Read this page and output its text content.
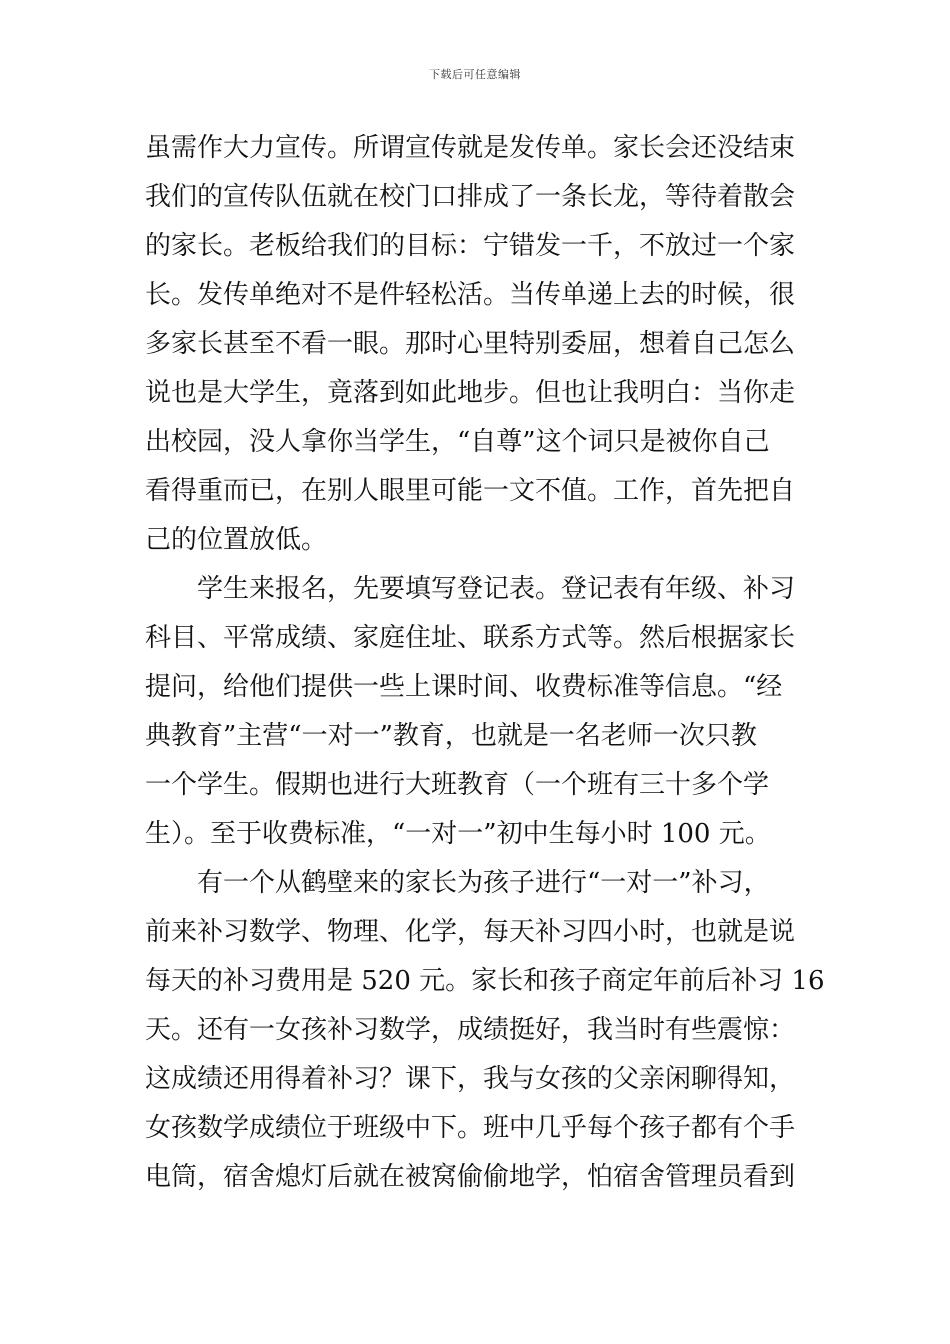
下载后可任意编辑
虽需作大力宣传。所谓宣传就是发传单。家长会还没结束
我们的宣传队伍就在校门口排成了一条长龙，等待着散会
的家长。老板给我们的目标：宁错发一千，不放过一个家
长。发传单绝对不是件轻松活。当传单递上去的时候，很
多家长甚至不看一眼。那时心里特别委屈，想着自己怎么
说也是大学生，竟落到如此地步。但也让我明白：当你走
出校园，没人拿你当学生，“自尊”这个词只是被你自己
看得重而已，在别人眼里可能一文不值。工作，首先把自
己的位置放低。
　　学生来报名，先要填写登记表。登记表有年级、补习
科目、平常成绩、家庭住址、联系方式等。然后根据家长
提问，给他们提供一些上课时间、收费标准等信息。“经
典教育”主营“一对一”教育，也就是一名老师一次只教
一个学生。假期也进行大班教育（一个班有三十多个学
生）。至于收费标准，“一对一”初中生每小时 100 元。
　　有一个从鹤壁来的家长为孩子进行“一对一”补习，
前来补习数学、物理、化学，每天补习四小时，也就是说
每天的补习费用是 520 元。家长和孩子商定年前后补习 16
天。还有一女孩补习数学，成绩挺好，我当时有些震惊：
这成绩还用得着补习？课下，我与女孩的父亲闲聊得知，
女孩数学成绩位于班级中下。班中几乎每个孩子都有个手
电筒，宿舍熄灯后就在被窝偷偷地学，怕宿舍管理员看到
